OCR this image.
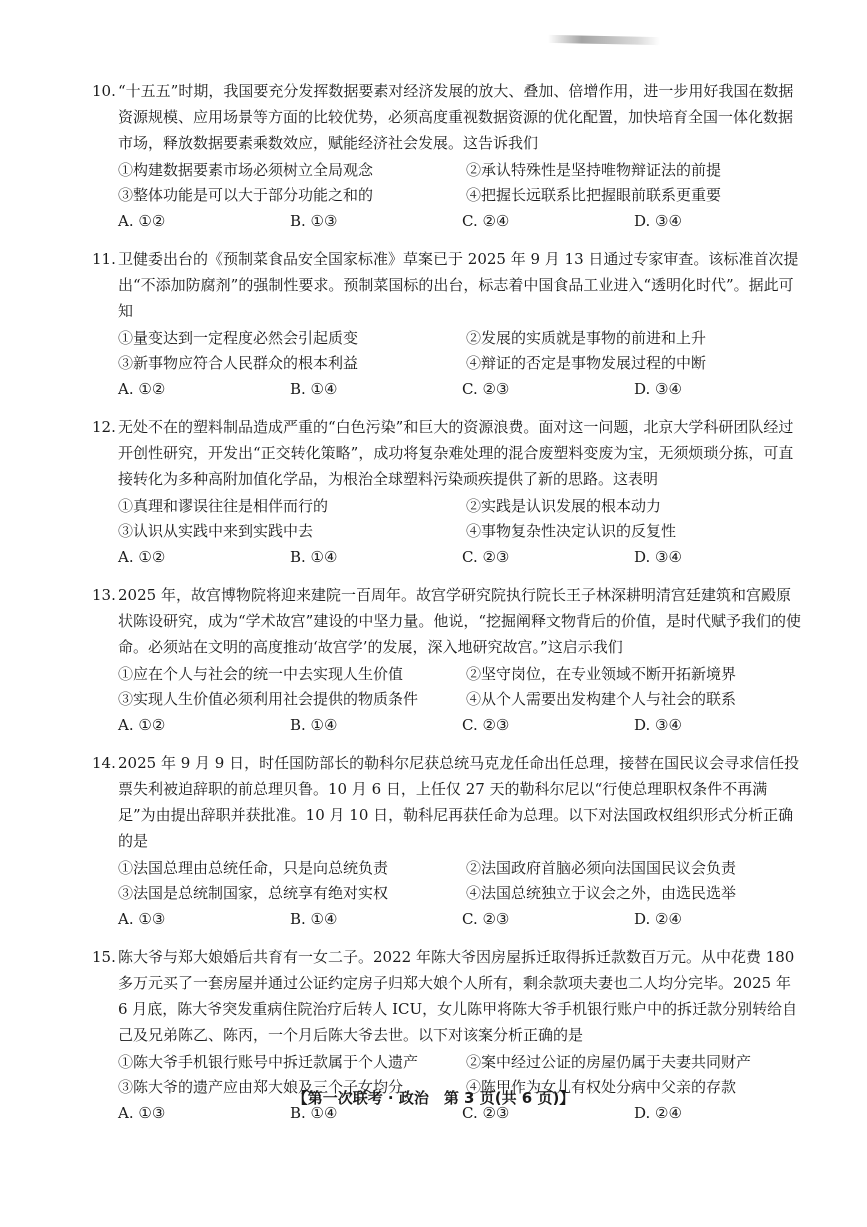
10. “十五五”时期，我国要充分发挥数据要素对经济发展的放大、叠加、倍增作用，进一步用好我国在数据资源规模、应用场景等方面的比较优势，必须高度重视数据资源的优化配置，加快培育全国一体化数据市场，释放数据要素乘数效应，赋能经济社会发展。这告诉我们

①构建数据要素市场必须树立全局观念	②承认特殊性是坚持唯物辩证法的前提
③整体功能是可以大于部分功能之和的	④把握长远联系比把握眼前联系更重要
A. ①②	B. ①③	C. ②④	D. ③④

11. 卫健委出台的《预制菜食品安全国家标准》草案已于 2025 年 9 月 13 日通过专家审查。该标准首次提出“不添加防腐剂”的强制性要求。预制菜国标的出台，标志着中国食品工业进入“透明化时代”。据此可知

①量变达到一定程度必然会引起质变	②发展的实质就是事物的前进和上升
③新事物应符合人民群众的根本利益	④辩证的否定是事物发展过程的中断
A. ①②	B. ①④	C. ②③	D. ③④

12. 无处不在的塑料制品造成严重的“白色污染”和巨大的资源浪费。面对这一问题，北京大学科研团队经过开创性研究，开发出“正交转化策略”，成功将复杂难处理的混合废塑料变废为宝，无须烦琐分拣，可直接转化为多种高附加值化学品，为根治全球塑料污染顽疾提供了新的思路。这表明

①真理和谬误往往是相伴而行的	②实践是认识发展的根本动力
③认识从实践中来到实践中去	④事物复杂性决定认识的反复性
A. ①②	B. ①④	C. ②③	D. ③④

13. 2025 年，故宫博物院将迎来建院一百周年。故宫学研究院执行院长王子林深耕明清宫廷建筑和宫殿原状陈设研究，成为“学术故宫”建设的中坚力量。他说，“挖掘阐释文物背后的价值，是时代赋予我们的使命。必须站在文明的高度推动‘故宫学’的发展，深入地研究故宫。”这启示我们

①应在个人与社会的统一中去实现人生价值	②坚守岗位，在专业领域不断开拓新境界
③实现人生价值必须利用社会提供的物质条件	④从个人需要出发构建个人与社会的联系
A. ①②	B. ①④	C. ②③	D. ③④

14. 2025 年 9 月 9 日，时任国防部长的勒科尔尼获总统马克龙任命出任总理，接替在国民议会寻求信任投票失利被迫辞职的前总理贝鲁。10 月 6 日，上任仅 27 天的勒科尔尼以“行使总理职权条件不再满足”为由提出辞职并获批准。10 月 10 日，勒科尼再获任命为总理。以下对法国政权组织形式分析正确的是

①法国总理由总统任命，只是向总统负责	②法国政府首脑必须向法国国民议会负责
③法国是总统制国家，总统享有绝对实权	④法国总统独立于议会之外，由选民选举
A. ①③	B. ①④	C. ②③	D. ②④

15. 陈大爷与郑大娘婚后共育有一女二子。2022 年陈大爷因房屋拆迁取得拆迁款数百万元。从中花费 180 多万元买了一套房屋并通过公证约定房子归郑大娘个人所有，剩余款项夫妻也二人均分完毕。2025 年 6 月底，陈大爷突发重病住院治疗后转人 ICU，女儿陈甲将陈大爷手机银行账户中的拆迁款分别转给自己及兄弟陈乙、陈丙，一个月后陈大爷去世。以下对该案分析正确的是

①陈大爷手机银行账号中拆迁款属于个人遗产	②案中经过公证的房屋仍属于夫妻共同财产
③陈大爷的遗产应由郑大娘及三个子女均分	④陈甲作为女儿有权处分病中父亲的存款
A. ①③	B. ①④	C. ②③	D. ②④
【第一次联考 · 政治　第 3 页(共 6 页)】
